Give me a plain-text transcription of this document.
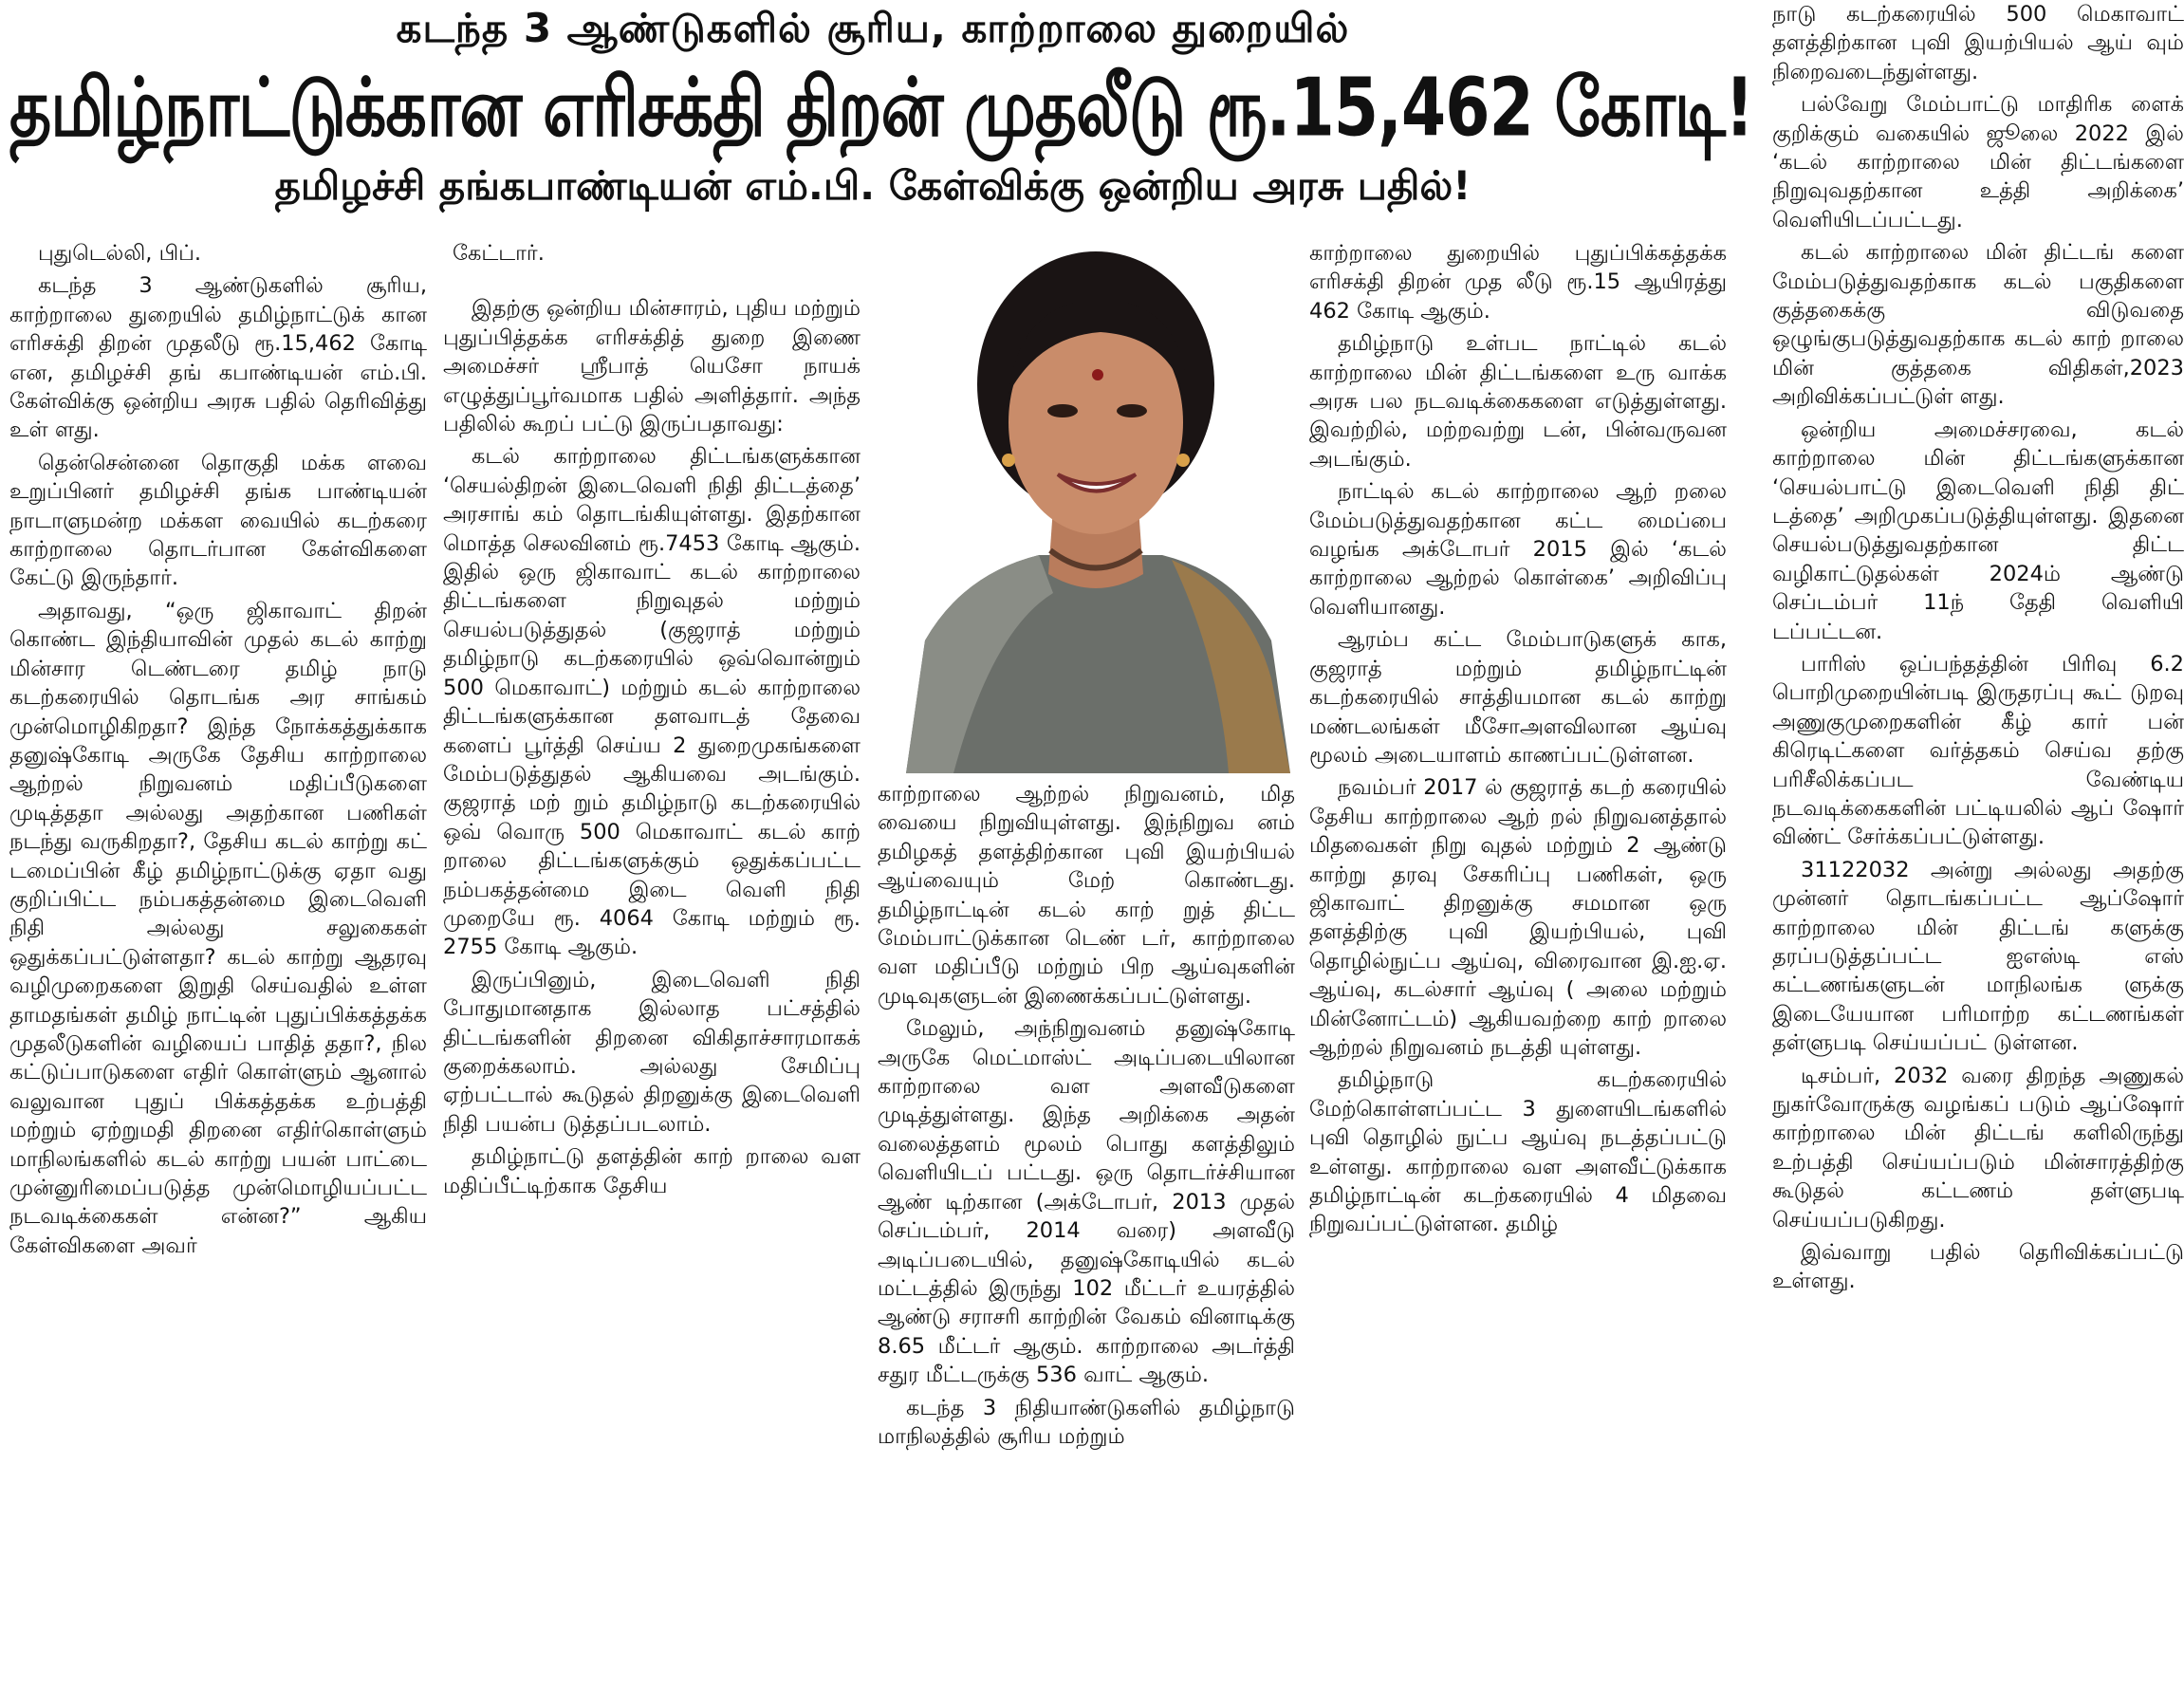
கடந்த 3 ஆண்டுகளில் சூரிய, காற்றாலை துறையில்
தமிழ்நாட்டுக்கான எரிசக்தி திறன் முதலீடு ரூ.15,462 கோடி!
தமிழச்சி தங்கபாண்டியன் எம்.பி. கேள்விக்கு ஒன்றிய அரசு பதில்!

புதுடெல்லி, பிப்.

கடந்த 3 ஆண்டுகளில் சூரிய, காற்றாலை துறையில் தமிழ்நாட்டுக் கான எரிசக்தி திறன் முதலீடு ரூ.15,462 கோடி என, தமிழச்சி தங் கபாண்டியன் எம்.பி. கேள்விக்கு ஒன்றிய அரசு பதில் தெரிவித்து உள் ளது.

தென்சென்னை தொகுதி மக்க ளவை உறுப்பினர் தமிழச்சி தங்க பாண்டியன் நாடாளுமன்ற மக்கள வையில் கடற்கரை காற்றாலை தொடர்பான கேள்விகளை கேட்டு இருந்தார்.

அதாவது, “ஒரு ஜிகாவாட் திறன் கொண்ட இந்தியாவின் முதல் கடல் காற்று மின்சார டெண்டரை தமிழ் நாடு கடற்கரையில் தொடங்க அர சாங்கம் முன்மொழிகிறதா? இந்த நோக்கத்துக்காக தனுஷ்கோடி அருகே தேசிய காற்றாலை ஆற்றல் நிறுவனம் மதிப்பீடுகளை முடித்ததா அல்லது அதற்கான பணிகள் நடந்து வருகிறதா?, தேசிய கடல் காற்று கட் டமைப்பின் கீழ் தமிழ்நாட்டுக்கு ஏதா வது குறிப்பிட்ட நம்பகத்தன்மை இடைவெளி நிதி அல்லது சலுகைகள் ஒதுக்கப்பட்டுள்ளதா? கடல் காற்று ஆதரவு வழிமுறைகளை இறுதி செய்வதில் உள்ள தாமதங்கள் தமிழ் நாட்டின் புதுப்பிக்கத்தக்க முதலீடுகளின் வழியைப் பாதித் ததா?, நில கட்டுப்பாடுகளை எதிர் கொள்ளும் ஆனால் வலுவான புதுப் பிக்கத்தக்க உற்பத்தி மற்றும் ஏற்றுமதி திறனை எதிர்கொள்ளும் மாநிலங்களில் கடல் காற்று பயன் பாட்டை முன்னுரிமைப்படுத்த முன்மொழியப்பட்ட நடவடிக்கைகள் என்ன?” ஆகிய கேள்விகளை அவர்

கேட்டார்.

இதற்கு ஒன்றிய மின்சாரம், புதிய மற்றும் புதுப்பித்தக்க எரிசக்தித் துறை இணை அமைச்சர் ஸ்ரீபாத் யெசோ நாயக் எழுத்துப்பூர்வமாக பதில் அளித்தார். அந்த பதிலில் கூறப் பட்டு இருப்பதாவது:

கடல் காற்றாலை திட்டங்களுக்கான ‘செயல்திறன் இடைவெளி நிதி திட்டத்தை’ அரசாங் கம் தொடங்கியுள்ளது. இதற்கான மொத்த செலவினம் ரூ.7453 கோடி ஆகும். இதில் ஒரு ஜிகாவாட் கடல் காற்றாலை திட்டங்களை நிறுவுதல் மற்றும் செயல்படுத்துதல் (குஜராத் மற்றும் தமிழ்நாடு கடற்கரையில் ஒவ்வொன்றும் 500 மெகாவாட்) மற்றும் கடல் காற்றாலை திட்டங்களுக்கான தளவாடத் தேவை களைப் பூர்த்தி செய்ய 2 துறைமுகங்களை மேம்படுத்துதல் ஆகியவை அடங்கும். குஜராத் மற் றும் தமிழ்நாடு கடற்கரையில் ஒவ் வொரு 500 மெகாவாட் கடல் காற் றாலை திட்டங்களுக்கும் ஒதுக்கப்பட்ட நம்பகத்தன்மை இடை வெளி நிதி முறையே ரூ. 4064 கோடி மற்றும் ரூ. 2755 கோடி ஆகும்.

இருப்பினும், இடைவெளி நிதி போதுமானதாக இல்லாத பட்சத்தில் திட்டங்களின் திறனை விகிதாச்சாரமாகக் குறைக்கலாம். அல்லது சேமிப்பு ஏற்பட்டால் கூடுதல் திறனுக்கு இடைவெளி நிதி பயன்ப டுத்தப்படலாம்.

தமிழ்நாட்டு தளத்தின் காற் றாலை வள மதிப்பீட்டிற்காக தேசிய

காற்றாலை ஆற்றல் நிறுவனம், மித வையை நிறுவியுள்ளது. இந்நிறுவ னம் தமிழகத் தளத்திற்கான புவி இயற்பியல் ஆய்வையும் மேற் கொண்டது. தமிழ்நாட்டின் கடல் காற் றுத் திட்ட மேம்பாட்டுக்கான டெண் டர், காற்றாலை வள மதிப்பீடு மற்றும் பிற ஆய்வுகளின் முடிவுகளுடன் இணைக்கப்பட்டுள்ளது.

மேலும், அந்நிறுவனம் தனுஷ்கோடி அருகே மெட்மாஸ்ட் அடிப்படையிலான காற்றாலை வள அளவீடுகளை முடித்துள்ளது. இந்த அறிக்கை அதன் வலைத்தளம் மூலம் பொது களத்திலும் வெளியிடப் பட்டது. ஒரு தொடர்ச்சியான ஆண் டிற்கான (அக்டோபர், 2013 முதல் செப்டம்பர், 2014 வரை) அளவீடு அடிப்படையில், தனுஷ்கோடியில் கடல் மட்டத்தில் இருந்து 102 மீட்டர் உயரத்தில் ஆண்டு சராசரி காற்றின் வேகம் வினாடிக்கு 8.65 மீட்டர் ஆகும். காற்றாலை அடர்த்தி சதுர மீட்டருக்கு 536 வாட் ஆகும்.

கடந்த 3 நிதியாண்டுகளில் தமிழ்நாடு மாநிலத்தில் சூரிய மற்றும்

காற்றாலை துறையில் புதுப்பிக்கத்தக்க எரிசக்தி திறன் முத லீடு ரூ.15 ஆயிரத்து 462 கோடி ஆகும்.

தமிழ்நாடு உள்பட நாட்டில் கடல் காற்றாலை மின் திட்டங்களை உரு வாக்க அரசு பல நடவடிக்கைகளை எடுத்துள்ளது. இவற்றில், மற்றவற்று டன், பின்வருவன அடங்கும்.

நாட்டில் கடல் காற்றாலை ஆற் றலை மேம்படுத்துவதற்கான கட்ட மைப்பை வழங்க அக்டோபர் 2015 இல் ‘கடல் காற்றாலை ஆற்றல் கொள்கை’ அறிவிப்பு வெளியானது.

ஆரம்ப கட்ட மேம்பாடுகளுக் காக, குஜராத் மற்றும் தமிழ்நாட்டின் கடற்கரையில் சாத்தியமான கடல் காற்று மண்டலங்கள் மீசோஅளவிலான ஆய்வு மூலம் அடையாளம் காணப்பட்டுள்ளன.

நவம்பர் 2017 ல் குஜராத் கடற் கரையில் தேசிய காற்றாலை ஆற் றல் நிறுவனத்தால் மிதவைகள் நிறு வுதல் மற்றும் 2 ஆண்டு காற்று தரவு சேகரிப்பு பணிகள், ஒரு ஜிகாவாட் திறனுக்கு சமமான ஒரு தளத்திற்கு புவி இயற்பியல், புவி தொழில்நுட்ப ஆய்வு, விரைவான இ.ஐ.ஏ. ஆய்வு, கடல்சார் ஆய்வு ( அலை மற்றும் மின்னோட்டம்) ஆகியவற்றை காற் றாலை ஆற்றல் நிறுவனம் நடத்தி யுள்ளது.

தமிழ்நாடு கடற்கரையில் மேற்கொள்ளப்பட்ட 3 துளையிடங்களில் புவி தொழில் நுட்ப ஆய்வு நடத்தப்பட்டு உள்ளது. காற்றாலை வள அளவீட்டுக்காக தமிழ்நாட்டின் கடற்கரையில் 4 மிதவை நிறுவப்பட்டுள்ளன. தமிழ்

நாடு கடற்கரையில் 500 மெகாவாட் தளத்திற்கான புவி இயற்பியல் ஆய் வும் நிறைவடைந்துள்ளது.

பல்வேறு மேம்பாட்டு மாதிரிக ளைக் குறிக்கும் வகையில் ஜூலை 2022 இல் ‘கடல் காற்றாலை மின் திட்டங்களை நிறுவுவதற்கான உத்தி அறிக்கை’ வெளியிடப்பட்டது.

கடல் காற்றாலை மின் திட்டங் களை மேம்படுத்துவதற்காக கடல் பகுதிகளை குத்தகைக்கு விடுவதை ஒழுங்குபடுத்துவதற்காக கடல் காற் றாலை மின் குத்தகை விதிகள்,2023 அறிவிக்கப்பட்டுள் ளது.

ஒன்றிய அமைச்சரவை, கடல் காற்றாலை மின் திட்டங்களுக்கான ‘செயல்பாட்டு இடைவெளி நிதி திட் டத்தை’ அறிமுகப்படுத்தியுள்ளது. இதனை செயல்படுத்துவதற்கான திட்ட வழிகாட்டுதல்கள் 2024ம் ஆண்டு செப்டம்பர் 11ந் தேதி வெளியி டப்பட்டன.

பாரிஸ் ஒப்பந்தத்தின் பிரிவு 6.2 பொறிமுறையின்படி இருதரப்பு கூட் டுறவு அணுகுமுறைகளின் கீழ் கார் பன் கிரெடிட்களை வர்த்தகம் செய்வ தற்கு பரிசீலிக்கப்பட வேண்டிய நடவடிக்கைகளின் பட்டியலில் ஆப் ஷோர் விண்ட் சேர்க்கப்பட்டுள்ளது.

31122032 அன்று அல்லது அதற்கு முன்னர் தொடங்கப்பட்ட ஆப்ஷோர் காற்றாலை மின் திட்டங் களுக்கு தரப்படுத்தப்பட்ட ஐஎஸ்டி எஸ் கட்டணங்களுடன் மாநிலங்க ளுக்கு இடையேயான பரிமாற்ற கட்டணங்கள் தள்ளுபடி செய்யப்பட் டுள்ளன.

டிசம்பர், 2032 வரை திறந்த அணுகல் நுகர்வோருக்கு வழங்கப் படும் ஆப்ஷோர் காற்றாலை மின் திட்டங் களிலிருந்து உற்பத்தி செய்யப்படும் மின்சாரத்திற்கு கூடுதல் கட்டணம் தள்ளுபடி செய்யப்படுகிறது.

இவ்வாறு பதில் தெரிவிக்கப்பட்டு உள்ளது.
